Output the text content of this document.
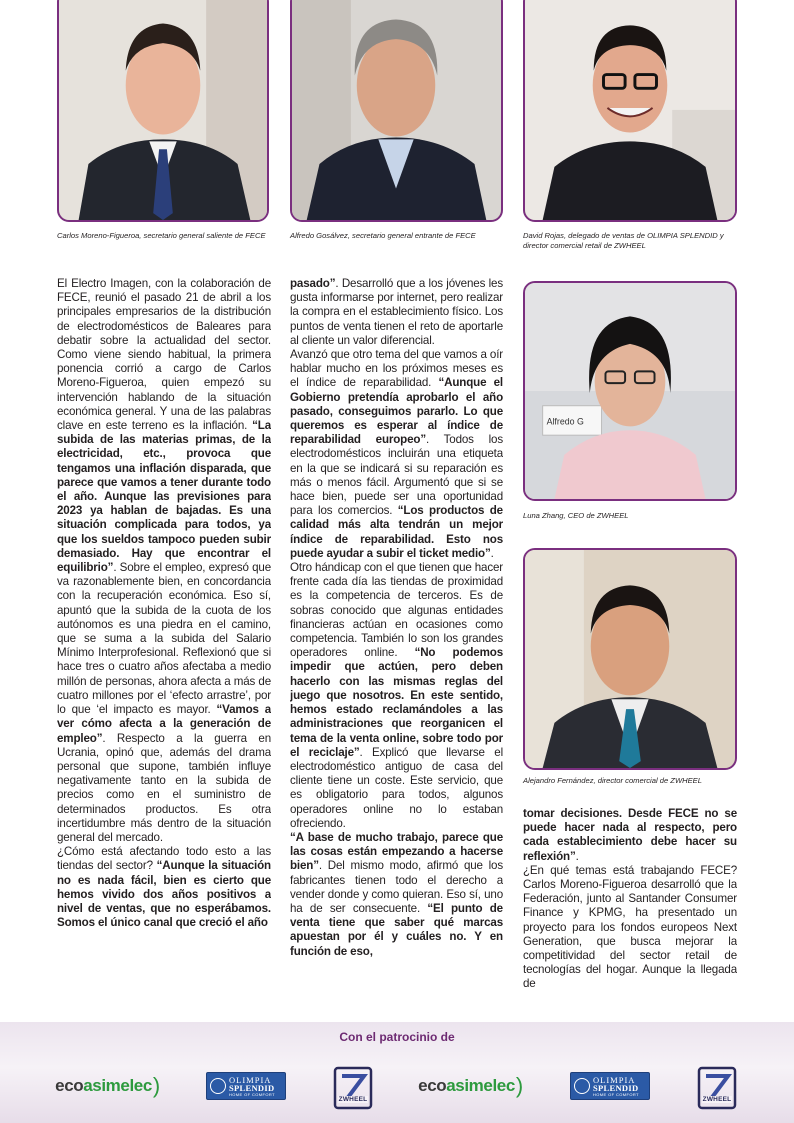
Carlos Moreno-Figueroa, secretario general saliente de FECE	Alfredo Gosálvez, secretario general entrante de FECE	David Rojas, delegado de ventas de OLIMPIA SPLENDID y director comercial retail de ZWHEEL
Alfredo G
Luna Zhang, CEO de ZWHEEL
Alejandro Fernández, director comercial de ZWHEEL

El Electro Imagen, con la colaboración de FECE, reunió el pasado 21 de abril a los principales empresarios de la distribución de electrodomésticos de Baleares para debatir sobre la actualidad del sector. Como viene siendo habitual, la primera ponencia corrió a cargo de Carlos Moreno-Figueroa, quien empezó su intervención hablando de la situación económica general. Y una de las palabras clave en este terreno es la inflación. “La subida de las materias primas, de la electricidad, etc., provoca que tengamos una inflación disparada, que parece que vamos a tener durante todo el año. Aunque las previsiones para 2023 ya hablan de bajadas. Es una situación complicada para todos, ya que los sueldos tampoco pueden subir demasiado. Hay que encontrar el equilibrio”. Sobre el empleo, expresó que va razonablemente bien, en concordancia con la recuperación económica. Eso sí, apuntó que la subida de la cuota de los autónomos es una piedra en el camino, que se suma a la subida del Salario Mínimo Interprofesional. Reflexionó que si hace tres o cuatro años afectaba a medio millón de personas, ahora afecta a más de cuatro millones por el ‘efecto arrastre’, por lo que ‘el impacto es mayor. “Vamos a ver cómo afecta a la generación de empleo”. Respecto a la guerra en Ucrania, opinó que, además del drama personal que supone, también influye negativamente tanto en la subida de precios como en el suministro de determinados productos. Es otra incertidumbre más dentro de la situación general del mercado.
¿Cómo está afectando todo esto a las tiendas del sector? “Aunque la situación no es nada fácil, bien es cierto que hemos vivido dos años positivos a nivel de ventas, que no esperábamos. Somos el único canal que creció el año

pasado”. Desarrolló que a los jóvenes les gusta informarse por internet, pero realizar la compra en el establecimiento físico. Los puntos de venta tienen el reto de aportarle al cliente un valor diferencial.
Avanzó que otro tema del que vamos a oír hablar mucho en los próximos meses es el índice de reparabilidad. “Aunque el Gobierno pretendía aprobarlo el año pasado, conseguimos pararlo. Lo que queremos es esperar al índice de reparabilidad europeo”. Todos los electrodomésticos incluirán una etiqueta en la que se indicará si su reparación es más o menos fácil. Argumentó que si se hace bien, puede ser una oportunidad para los comercios. “Los productos de calidad más alta tendrán un mejor índice de reparabilidad. Esto nos puede ayudar a subir el ticket medio”.
Otro hándicap con el que tienen que hacer frente cada día las tiendas de proximidad es la competencia de terceros. Es de sobras conocido que algunas entidades financieras actúan en ocasiones como competencia. También lo son los grandes operadores online. “No podemos impedir que actúen, pero deben hacerlo con las mismas reglas del juego que nosotros. En este sentido, hemos estado reclamándoles a las administraciones que reorganicen el tema de la venta online, sobre todo por el reciclaje”. Explicó que llevarse el electrodoméstico antiguo de casa del cliente tiene un coste. Este servicio, que es obligatorio para todos, algunos operadores online no lo estaban ofreciendo.
“A base de mucho trabajo, parece que las cosas están empezando a hacerse bien”. Del mismo modo, afirmó que los fabricantes tienen todo el derecho a vender donde y como quieran. Eso sí, uno ha de ser consecuente. “El punto de venta tiene que saber qué marcas apuestan por él y cuáles no. Y en función de eso,

tomar decisiones. Desde FECE no se puede hacer nada al respecto, pero cada establecimiento debe hacer su reflexión”.
¿En qué temas está trabajando FECE? Carlos Moreno-Figueroa desarrolló que la Federación, junto al Santander Consumer Finance y KPMG, ha presentado un proyecto para los fondos europeos Next Generation, que busca mejorar la competitividad del sector retail de tecnologías del hogar. Aunque la llegada de

Con el patrocinio de
eco asimelec )	OLIMPIA
SPLENDID
HOME OF COMFORT
ZWHEEL
eco asimelec )	OLIMPIA
SPLENDID
HOME OF COMFORT
ZWHEEL
